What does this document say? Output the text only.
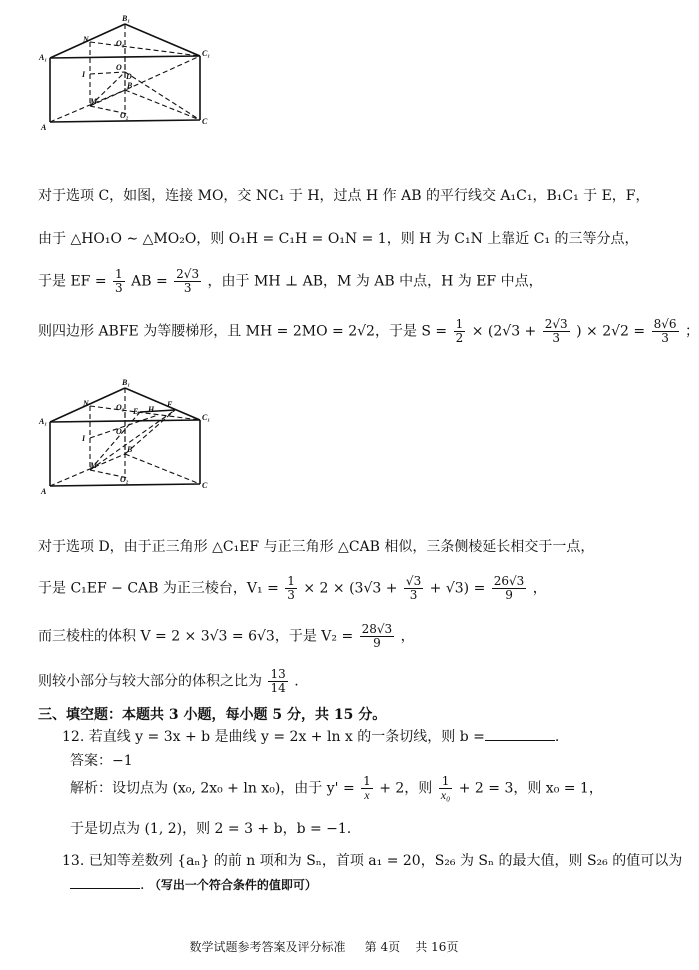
B₁
N	O₃
A₁	C₁
I
O
D
M
B
O₂
A
C
对于选项 C，如图，连接 MO，交 NC₁ 于 H，过点 H 作 AB 的平行线交 A₁C₁，B₁C₁ 于 E，F，
由于 △HO₁O ∼ △MO₂O，则 O₁H = C₁H = O₁N = 1，则 H 为 C₁N 上靠近 C₁ 的三等分点，
于是 EF = $\frac{1}{3}$ AB = $\frac{2√3}{3}$ ，由于 MH ⊥ AB，M 为 AB 中点，H 为 EF 中点，
则四边形 ABFE 为等腰梯形，且 MH = 2MO = 2√2，于是 $S = \frac{1}{2} \times (2√3 + \frac{2√3}{3}$ ) × $2√2 = \frac{8√6}{3}$ ；
B₁
N	O₃ E H
F
A₁	C₁
I
O
M
B
O₂
A
C
对于选项 D，由于正三角形 △C₁EF 与正三角形 △CAB 相似，三条侧棱延长相交于一点，
于是 C₁EF − CAB 为正三棱台，$V_1 = \frac{1}{3} \times 2 \times (3√3 + \frac{√3}{3} + √3) = \frac{26√3}{9}$ ，
而三棱柱的体积 V = 2 × 3√3 = 6√3，于是 $V_2 = \frac{28√3}{9}$ ，
则较小部分与较大部分的体积之比为 $\frac{13}{14}$ .
三、填空题：本题共 3 小题，每小题 5 分，共 15 分。
12. 若直线 y = 3x + b 是曲线 y = 2x + ln x 的一条切线，则 b =	.
答案：−1
解析：设切点为 (x₀, 2x₀ + ln x₀)，由于 $y' = \frac{1}{x} + 2$，则 $\frac{1}{\text{x₀}} + 2 = 3$，则 x₀ = 1，
于是切点为 (1, 2)，则 2 = 3 + b，b = −1.
13. 已知等差数列 {aₙ} 的前 n 项和为 Sₙ，首项 a₁ = 20，S₂₆ 为 Sₙ 的最大值，则 S₂₆ 的值可以为
. （写出一个符合条件的值即可）
数学试题参考答案及评分标准 第 4页 共 16页
